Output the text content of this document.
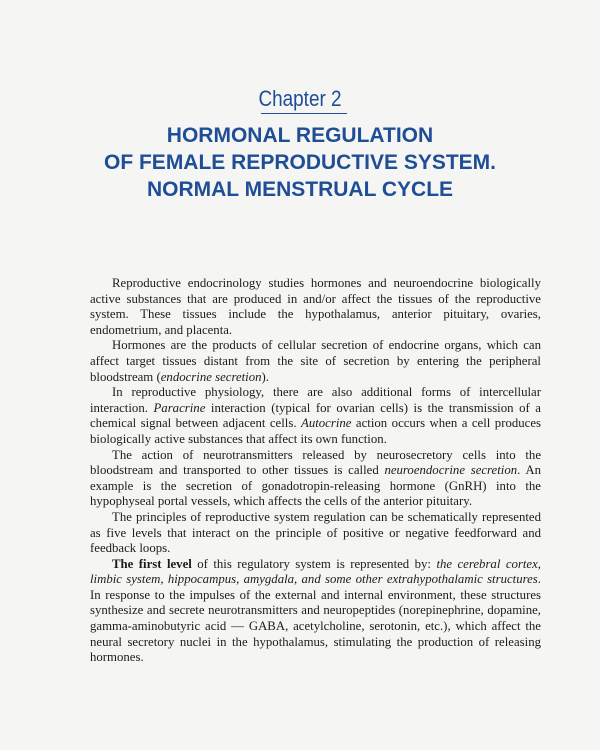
Chapter 2
HORMONAL REGULATION
OF FEMALE REPRODUCTIVE SYSTEM.
NORMAL MENSTRUAL CYCLE

Reproductive endocrinology studies hormones and neuroendocrine biologically active substances that are produced in and/or affect the tissues of the reproductive system. These tissues include the hypothalamus, anterior pituitary, ovaries, endometrium, and placenta.

Hormones are the products of cellular secretion of endocrine organs, which can affect target tissues distant from the site of secretion by entering the peripheral bloodstream (endocrine secretion).

In reproductive physiology, there are also additional forms of intercellular interaction. Paracrine interaction (typical for ovarian cells) is the transmission of a chemical signal between adjacent cells. Autocrine action occurs when a cell produces biologically active substances that affect its own function.

The action of neurotransmitters released by neurosecretory cells into the bloodstream and transported to other tissues is called neuroendocrine secretion. An example is the secretion of gonadotropin-releasing hormone (GnRH) into the hypophyseal portal vessels, which affects the cells of the anterior pituitary.

The principles of reproductive system regulation can be schematically represented as five levels that interact on the principle of positive or negative feedforward and feedback loops.

The first level of this regulatory system is represented by: the cerebral cortex, limbic system, hippocampus, amygdala, and some other extrahypothalamic structures. In response to the impulses of the external and internal environment, these structures synthesize and secrete neurotransmitters and neuropeptides (norepinephrine, dopamine, gamma-aminobutyric acid — GABA, acetylcholine, serotonin, etc.), which affect the neural secretory nuclei in the hypothalamus, stimulating the production of releasing hormones.
